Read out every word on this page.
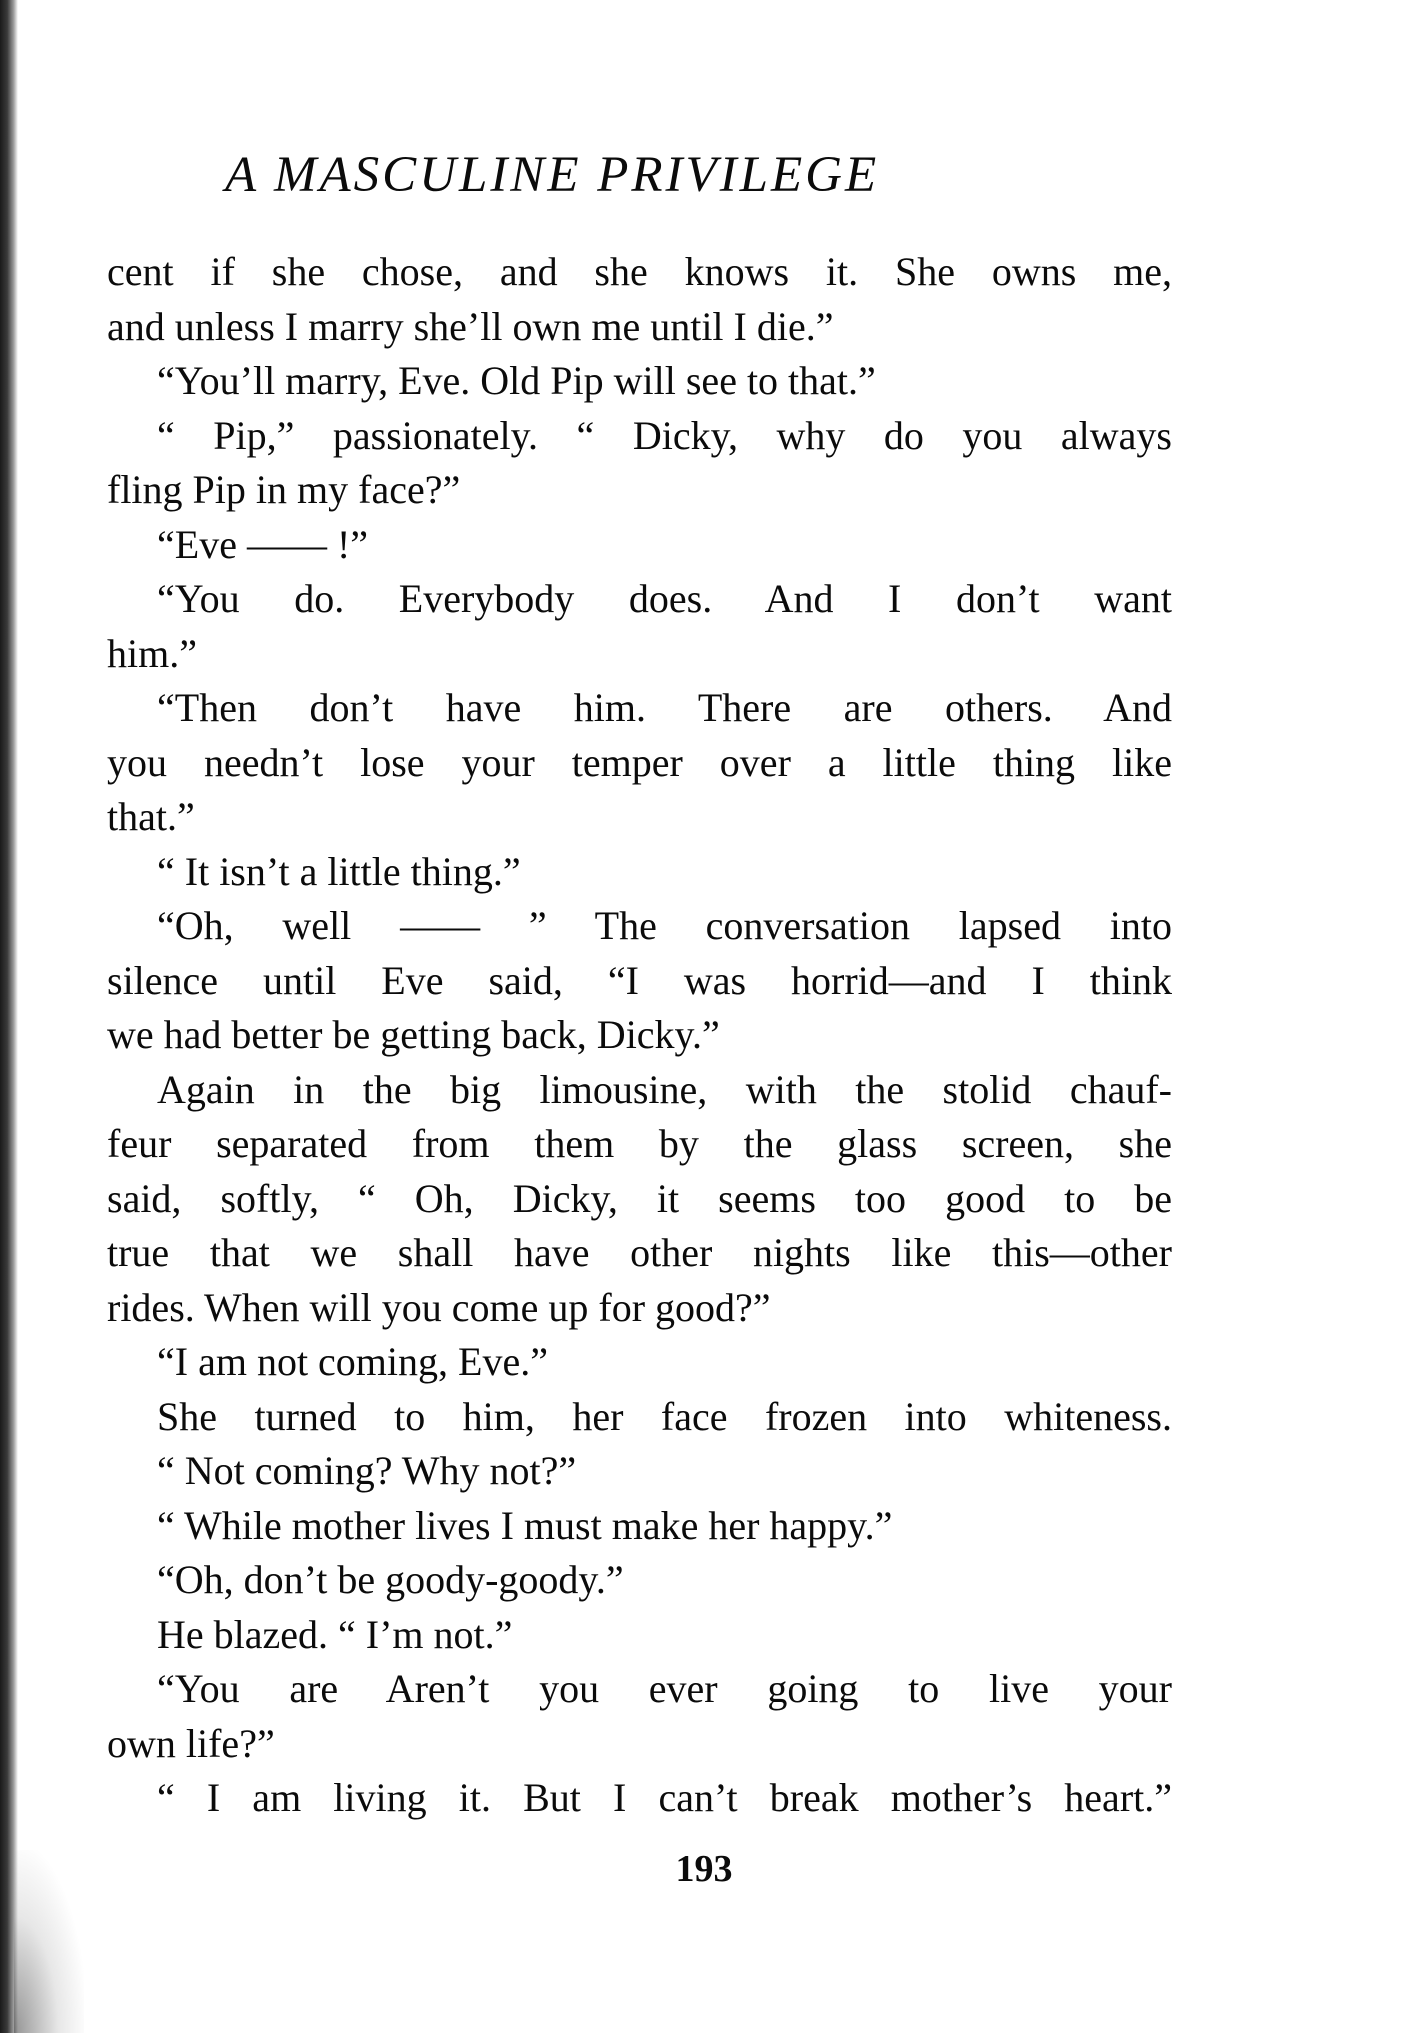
A MASCULINE PRIVILEGE
cent if she chose, and she knows it. She owns me,
and unless I marry she’ll own me until I die.”
“You’ll marry, Eve. Old Pip will see to that.”
“ Pip,” passionately. “ Dicky, why do you always
fling Pip in my face?”
“Eve —— !”
“You do. Everybody does. And I don’t want
him.”
“Then don’t have him. There are others. And
you needn’t lose your temper over a little thing like
that.”
“ It isn’t a little thing.”
“Oh, well —— ” The conversation lapsed into
silence until Eve said, “I was horrid—and I think
we had better be getting back, Dicky.”
Again in the big limousine, with the stolid chauf-
feur separated from them by the glass screen, she
said, softly, “ Oh, Dicky, it seems too good to be
true that we shall have other nights like this—other
rides. When will you come up for good?”
“I am not coming, Eve.”
She turned to him, her face frozen into whiteness.
“ Not coming? Why not?”
“ While mother lives I must make her happy.”
“Oh, don’t be goody-goody.”
He blazed. “ I’m not.”
“You are Aren’t you ever going to live your
own life?”
“ I am living it. But I can’t break mother’s heart.”
193
